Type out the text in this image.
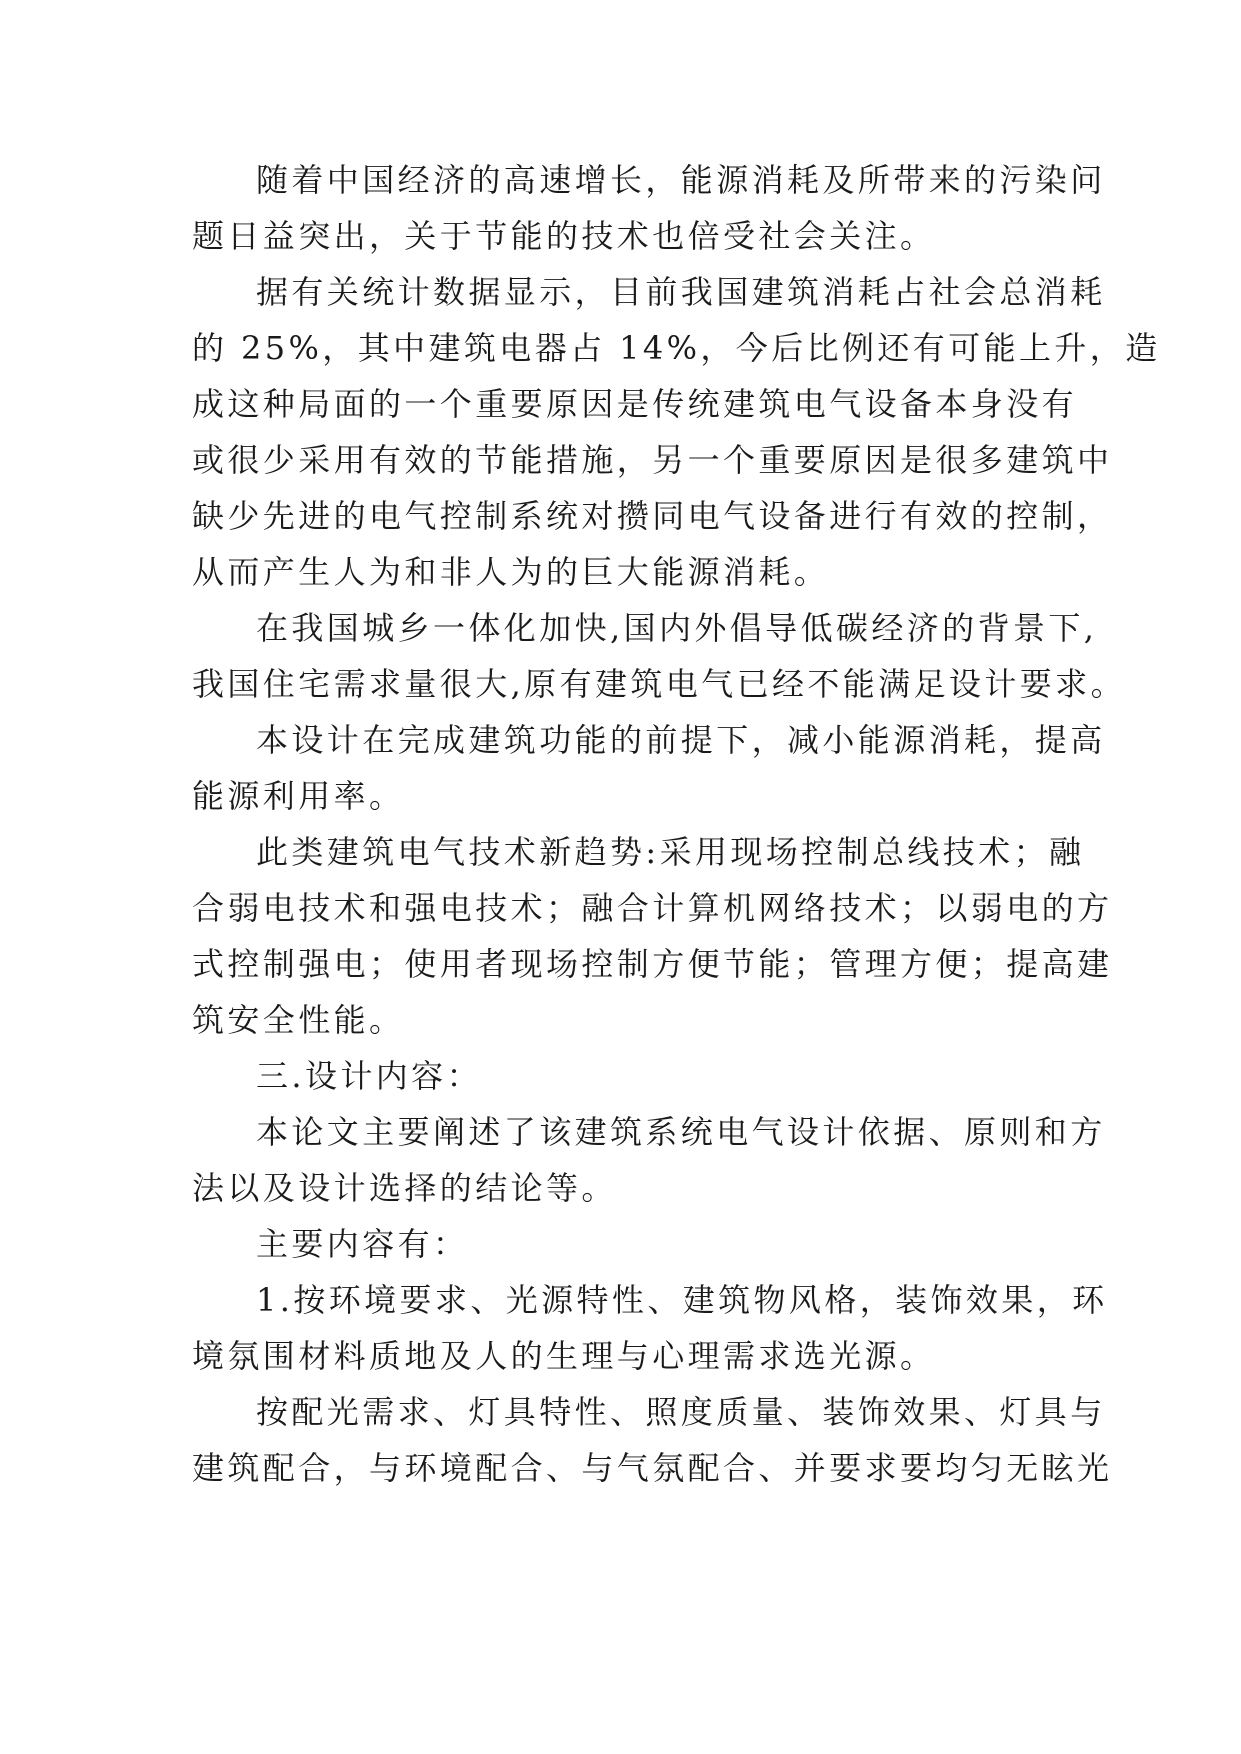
随着中国经济的高速增长，能源消耗及所带来的污染问
题日益突出，关于节能的技术也倍受社会关注。
据有关统计数据显示，目前我国建筑消耗占社会总消耗
的 25%，其中建筑电器占 14%，今后比例还有可能上升，造
成这种局面的一个重要原因是传统建筑电气设备本身没有
或很少采用有效的节能措施，另一个重要原因是很多建筑中
缺少先进的电气控制系统对攒同电气设备进行有效的控制，
从而产生人为和非人为的巨大能源消耗。
在我国城乡一体化加快,国内外倡导低碳经济的背景下,
我国住宅需求量很大,原有建筑电气已经不能满足设计要求。
本设计在完成建筑功能的前提下，减小能源消耗，提高
能源利用率。
此类建筑电气技术新趋势:采用现场控制总线技术；融
合弱电技术和强电技术；融合计算机网络技术；以弱电的方
式控制强电；使用者现场控制方便节能；管理方便；提高建
筑安全性能。
三.设计内容：
本论文主要阐述了该建筑系统电气设计依据、原则和方
法以及设计选择的结论等。
主要内容有：
1.按环境要求、光源特性、建筑物风格，装饰效果，环
境氛围材料质地及人的生理与心理需求选光源。
按配光需求、灯具特性、照度质量、装饰效果、灯具与
建筑配合，与环境配合、与气氛配合、并要求要均匀无眩光
